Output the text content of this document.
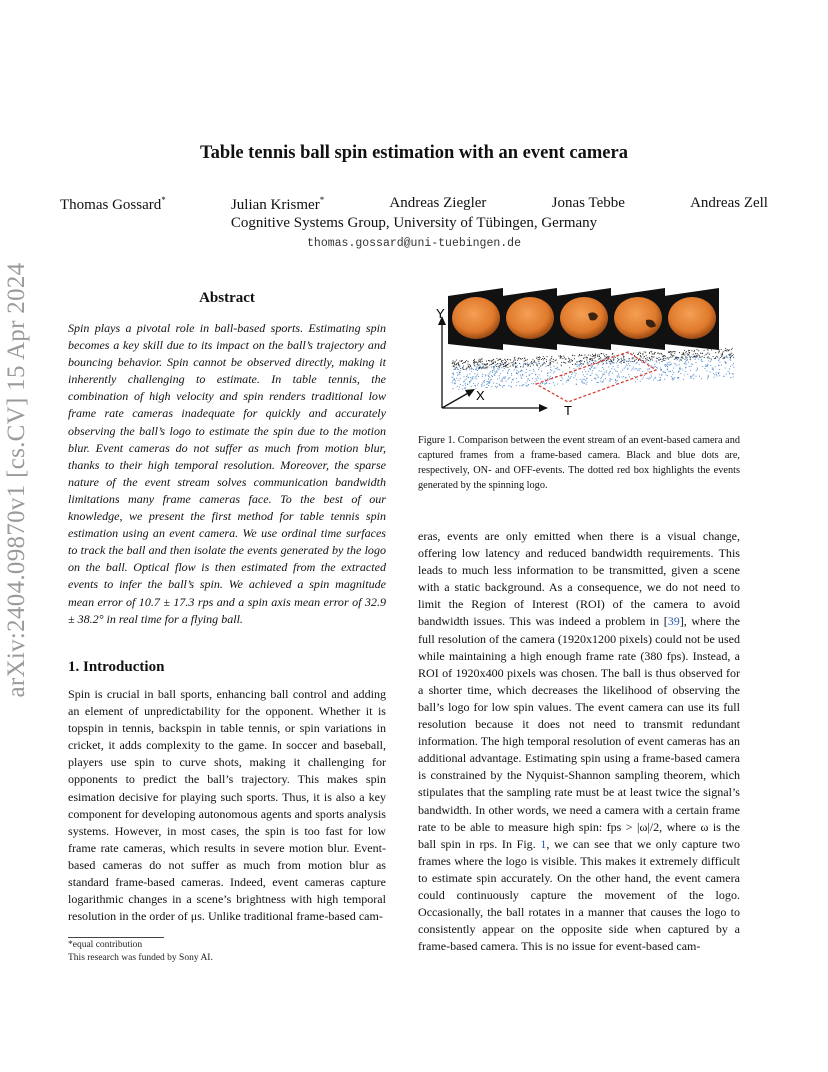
Table tennis ball spin estimation with an event camera
Thomas Gossard*	Julian Krismer*	Andreas Ziegler	Jonas Tebbe	Andreas Zell
Cognitive Systems Group, University of Tübingen, Germany
thomas.gossard@uni-tuebingen.de
arXiv:2404.09870v1 [cs.CV] 15 Apr 2024	Abstract
Spin plays a pivotal role in ball-based sports. Estimating spin becomes a key skill due to its impact on the ball’s trajectory and bouncing behavior. Spin cannot be observed directly, making it inherently challenging to estimate. In table tennis, the combination of high velocity and spin renders traditional low frame rate cameras inadequate for quickly and accurately observing the ball’s logo to estimate the spin due to the motion blur. Event cameras do not suffer as much from motion blur, thanks to their high temporal resolution. Moreover, the sparse nature of the event stream solves communication bandwidth limitations many frame cameras face. To the best of our knowledge, we present the first method for table tennis spin estimation using an event camera. We use ordinal time surfaces to track the ball and then isolate the events generated by the logo on the ball. Optical flow is then estimated from the extracted events to infer the ball’s spin. We achieved a spin magnitude mean error of 10.7 ± 17.3 rps and a spin axis mean error of 32.9 ± 38.2° in real time for a flying ball.
1. Introduction
Spin is crucial in ball sports, enhancing ball control and adding an element of unpredictability for the opponent. Whether it is topspin in tennis, backspin in table tennis, or spin variations in cricket, it adds complexity to the game. In soccer and baseball, players use spin to curve shots, making it challenging for opponents to predict the ball’s trajectory. This makes spin esimation decisive for playing such sports. Thus, it is also a key component for developing autonomous agents and sports analysis systems. However, in most cases, the spin is too fast for low frame rate cameras, which results in severe motion blur. Event-based cameras do not suffer as much from motion blur as standard frame-based cameras. Indeed, event cameras capture logarithmic changes in a scene’s brightness with high temporal resolution in the order of μs. Unlike traditional frame-based cam-
*equal contribution
This research was funded by Sony AI.
Y
X
T
Figure 1. Comparison between the event stream of an event-based camera and captured frames from a frame-based camera. Black and blue dots are, respectively, ON- and OFF-events. The dotted red box highlights the events generated by the spinning logo.
eras, events are only emitted when there is a visual change, offering low latency and reduced bandwidth requirements. This leads to much less information to be transmitted, given a scene with a static background. As a consequence, we do not need to limit the Region of Interest (ROI) of the camera to avoid bandwidth issues. This was indeed a problem in [39], where the full resolution of the camera (1920x1200 pixels) could not be used while maintaining a high enough frame rate (380 fps). Instead, a ROI of 1920x400 pixels was chosen. The ball is thus observed for a shorter time, which decreases the likelihood of observing the ball’s logo for low spin values. The event camera can use its full resolution because it does not need to transmit redundant information. The high temporal resolution of event cameras has an additional advantage. Estimating spin using a frame-based camera is constrained by the Nyquist-Shannon sampling theorem, which stipulates that the sampling rate must be at least twice the signal’s bandwidth. In other words, we need a camera with a certain frame rate to be able to measure high spin: fps > |ω|/2, where ω is the ball spin in rps. In Fig. 1, we can see that we only capture two frames where the logo is visible. This makes it extremely difficult to estimate spin accurately. On the other hand, the event camera could continuously capture the movement of the logo. Occasionally, the ball rotates in a manner that causes the logo to consistently appear on the opposite side when captured by a frame-based camera. This is no issue for event-based cam-
